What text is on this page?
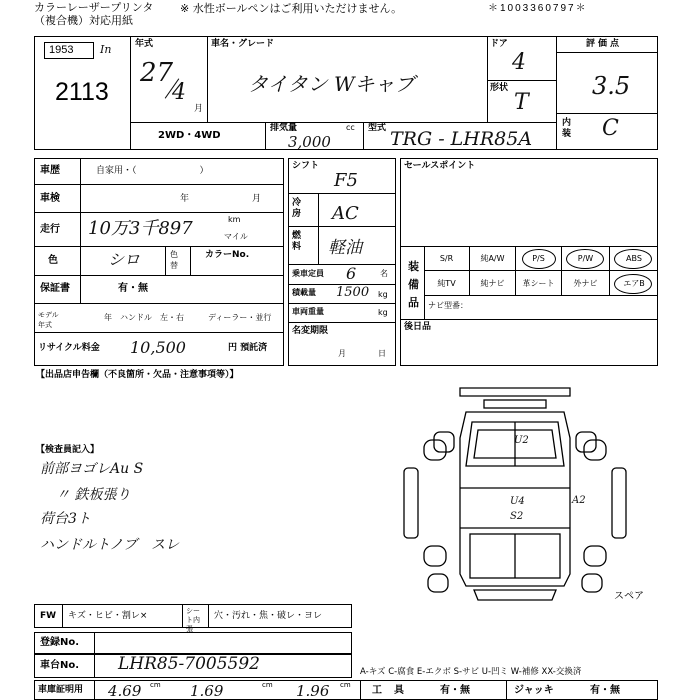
カラーレーザープリンタ
（複合機）対応用紙
※ 水性ボールペンはご利用いただけません。	＊1003360797＊
1953 In
2113
年式
27
4
月
車名・グレード
タイタン Wキャブ
ドア
4
形状
T
評価点
3.5
内装 C
2WD・4WD
排気量	cc
3,000
型式 TRG - LHR85A
車歴	自家用・（　　　　　　　）
車検	年	月
走行 10万3千897	km
マイル
色	シロ	色替
カラーNo.
保証書	有・無
モデル年式
年 ハンドル　左・右	ディーラー・並行
リサイクル料金 10,500	円 預託済
シフト
F5
冷房 AC
燃料 軽油
乗車定員 6	名
積載量 1500 kg
車両重量	kg
名変期限
月	日
セールスポイント
装備品
S/R	純A/W	P/S	P/W	ABS
純TV	純ナビ	革シート	外ナビ	エアB
ナビ型番：
後日品
【出品店申告欄（不良箇所・欠品・注意事項等）】
【検査員記入】
前部ヨゴレAu S
〃 鉄板張り
荷台3ト
ハンドルトノブ　スレ
U2
U4
S2
A2
スペア
FW キズ・ヒビ・割レ×	シート内張
穴・汚れ・焦・破レ・ヨレ
登録No.
車台No. LHR85-7005592	A-キズ C-腐食 E-エクボ S-サビ U-凹ミ W-補修 XX-交換済
車庫証明用 4.69 cm 1.69	cm 1.96 cm 工具 有・無	ジャッキ	有・無
